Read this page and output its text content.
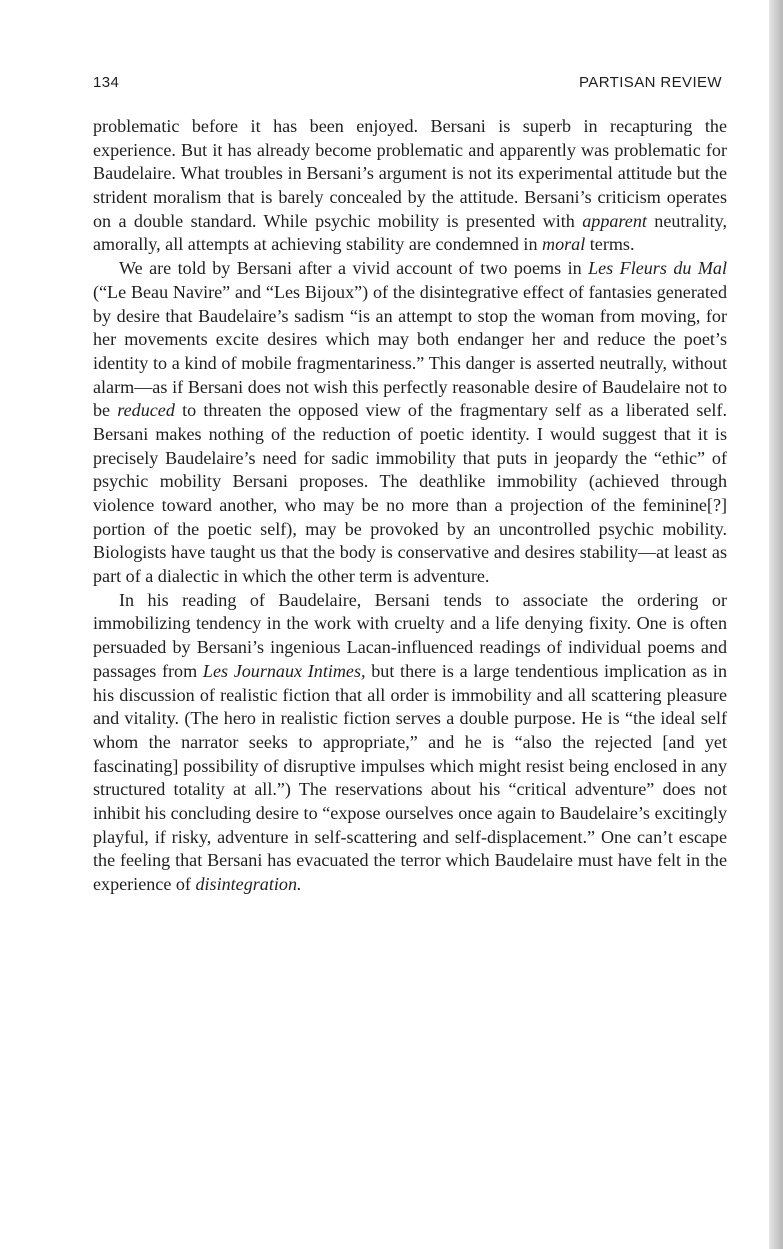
134	PARTISAN REVIEW

problematic before it has been enjoyed. Bersani is superb in recapturing the experience. But it has already become problematic and apparently was problematic for Baudelaire. What troubles in Bersani’s argument is not its experimental attitude but the strident moralism that is barely concealed by the attitude. Bersani’s criticism operates on a double standard. While psychic mobility is presented with apparent neutrality, amorally, all attempts at achieving stability are condemned in moral terms.

We are told by Bersani after a vivid account of two poems in Les Fleurs du Mal (“Le Beau Navire” and “Les Bijoux”) of the disintegrative effect of fantasies generated by desire that Baudelaire’s sadism “is an attempt to stop the woman from moving, for her movements excite desires which may both endanger her and reduce the poet’s identity to a kind of mobile fragmentariness.” This danger is asserted neutrally, without alarm—as if Bersani does not wish this perfectly reasonable desire of Baudelaire not to be reduced to threaten the opposed view of the fragmentary self as a liberated self. Bersani makes nothing of the reduction of poetic identity. I would suggest that it is precisely Baudelaire’s need for sadic immobility that puts in jeopardy the “ethic” of psychic mobility Bersani proposes. The deathlike immobility (achieved through violence toward another, who may be no more than a projection of the feminine[?] portion of the poetic self), may be provoked by an uncontrolled psychic mobility. Biologists have taught us that the body is conservative and desires stability—at least as part of a dialectic in which the other term is adventure.

In his reading of Baudelaire, Bersani tends to associate the ordering or immobilizing tendency in the work with cruelty and a life denying fixity. One is often persuaded by Bersani’s ingenious Lacan-influenced readings of individual poems and passages from Les Journaux Intimes, but there is a large tendentious implication as in his discussion of realistic fiction that all order is immobility and all scattering pleasure and vitality. (The hero in realistic fiction serves a double purpose. He is “the ideal self whom the narrator seeks to appropriate,” and he is “also the rejected [and yet fascinating] possibility of disruptive impulses which might resist being enclosed in any structured totality at all.”) The reservations about his “critical adventure” does not inhibit his concluding desire to “expose ourselves once again to Baudelaire’s excitingly playful, if risky, adventure in self-scattering and self-displacement.” One can’t escape the feeling that Bersani has evacuated the terror which Baudelaire must have felt in the experience of disintegration.
